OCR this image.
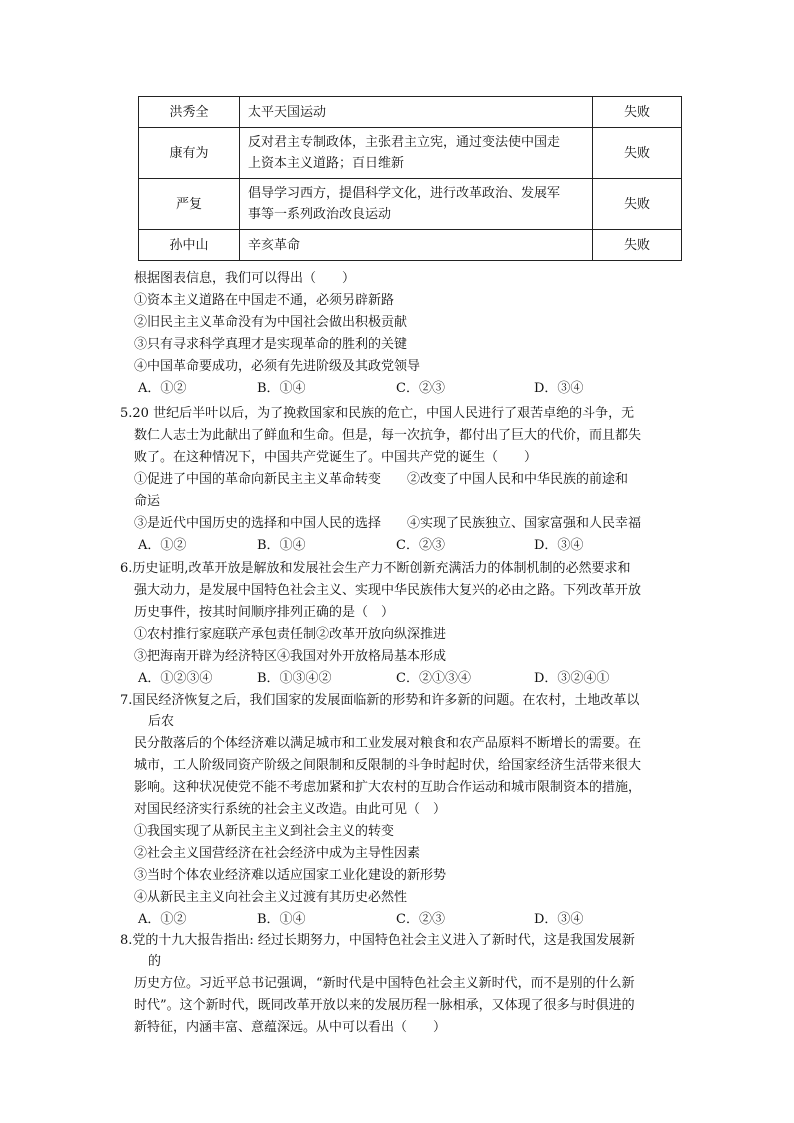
洪秀全	太平天国运动	失败
康有为	反对君主专制政体，主张君主立宪，通过变法使中国走
上资本主义道路；百日维新	失败
严复	倡导学习西方，提倡科学文化，进行改革政治、发展军
事等一系列政治改良运动	失败
孙中山	辛亥革命	失败
根据图表信息，我们可以得出（　　）
①资本主义道路在中国走不通，必须另辟新路
②旧民主主义革命没有为中国社会做出积极贡献
③只有寻求科学真理才是实现革命的胜利的关键
④中国革命要成功，必须有先进阶级及其政党领导
A．①②	B．①④	C．②③	D．③④
5.20 世纪后半叶以后，为了挽救国家和民族的危亡，中国人民进行了艰苦卓绝的斗争，无
数仁人志士为此献出了鲜血和生命。但是，每一次抗争，都付出了巨大的代价，而且都失
败了。在这种情况下，中国共产党诞生了。中国共产党的诞生（　　）
①促进了中国的革命向新民主主义革命转变　　②改变了中国人民和中华民族的前途和
命运
③是近代中国历史的选择和中国人民的选择　　④实现了民族独立、国家富强和人民幸福
A．①②	B．①④	C．②③	D．③④
6.历史证明,改革开放是解放和发展社会生产力不断创新充满活力的体制机制的必然要求和
强大动力，是发展中国特色社会主义、实现中华民族伟大复兴的必由之路。下列改革开放
历史事件，按其时间顺序排列正确的是（　）
①农村推行家庭联产承包责任制②改革开放向纵深推进
③把海南开辟为经济特区④我国对外开放格局基本形成
A．①②③④	B．①③④②	C．②①③④	D．③②④①
7.国民经济恢复之后，我们国家的发展面临新的形势和许多新的问题。在农村，土地改革以
后农
民分散落后的个体经济难以满足城市和工业发展对粮食和农产品原料不断增长的需要。在
城市，工人阶级同资产阶级之间限制和反限制的斗争时起时伏，给国家经济生活带来很大
影响。这种状况使党不能不考虑加紧和扩大农村的互助合作运动和城市限制资本的措施，
对国民经济实行系统的社会主义改造。由此可见（　）
①我国实现了从新民主主义到社会主义的转变
②社会主义国营经济在社会经济中成为主导性因素
③当时个体农业经济难以适应国家工业化建设的新形势
④从新民主主义向社会主义过渡有其历史必然性
A．①②	B．①④	C．②③	D．③④
8.党的十九大报告指出: 经过长期努力，中国特色社会主义进入了新时代，这是我国发展新
的
历史方位。习近平总书记强调，“新时代是中国特色社会主义新时代，而不是别的什么新
时代”。这个新时代，既同改革开放以来的发展历程一脉相承，又体现了很多与时俱进的
新特征，内涵丰富、意蕴深远。从中可以看出（　　）
